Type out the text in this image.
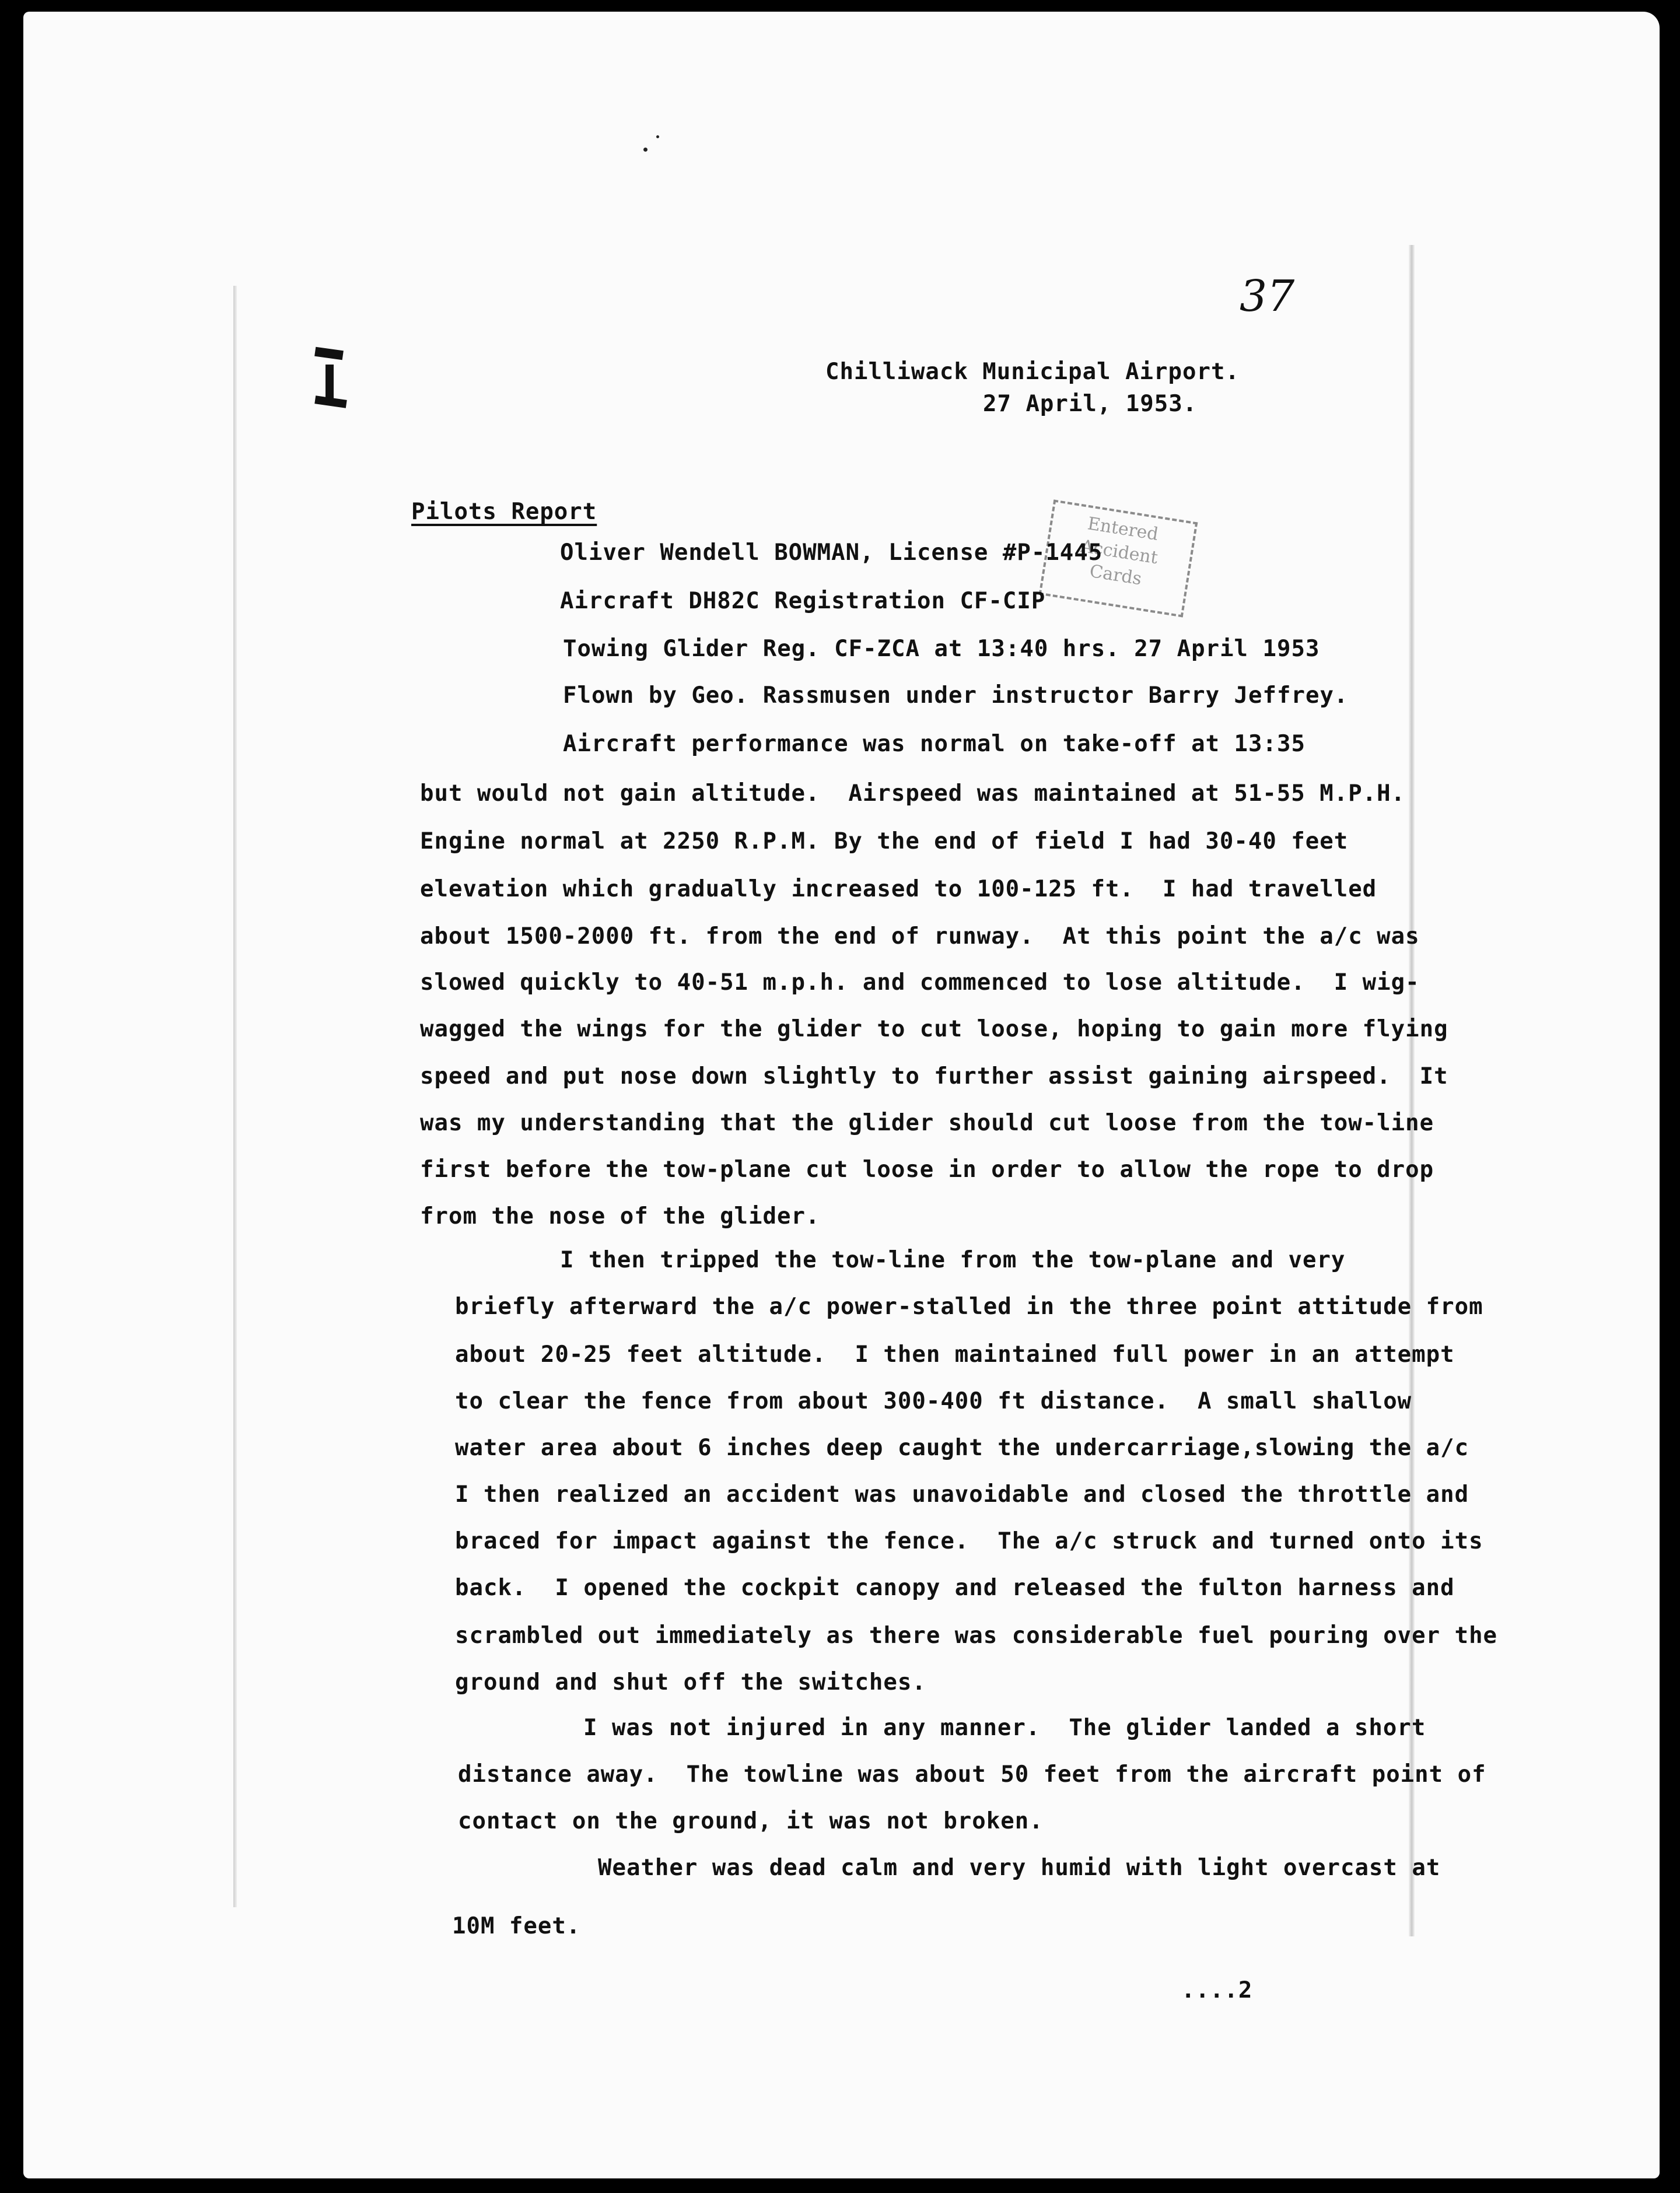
37
Chilliwack Municipal Airport.
27 April, 1953.
Pilots Report
Entered
Accident
Cards
Oliver Wendell BOWMAN, License #P-1445
Aircraft DH82C Registration CF-CIP
Towing Glider Reg. CF-ZCA at 13:40 hrs. 27 April 1953
Flown by Geo. Rassmusen under instructor Barry Jeffrey.
Aircraft performance was normal on take-off at 13:35
but would not gain altitude.  Airspeed was maintained at 51-55 M.P.H.
Engine normal at 2250 R.P.M. By the end of field I had 30-40 feet
elevation which gradually increased to 100-125 ft.  I had travelled
about 1500-2000 ft. from the end of runway.  At this point the a/c was
slowed quickly to 40-51 m.p.h. and commenced to lose altitude.  I wig-
wagged the wings for the glider to cut loose, hoping to gain more flying
speed and put nose down slightly to further assist gaining airspeed.  It
was my understanding that the glider should cut loose from the tow-line
first before the tow-plane cut loose in order to allow the rope to drop
from the nose of the glider.
I then tripped the tow-line from the tow-plane and very
briefly afterward the a/c power-stalled in the three point attitude from
about 20-25 feet altitude.  I then maintained full power in an attempt
to clear the fence from about 300-400 ft distance.  A small shallow
water area about 6 inches deep caught the undercarriage,slowing the a/c
I then realized an accident was unavoidable and closed the throttle and
braced for impact against the fence.  The a/c struck and turned onto its
back.  I opened the cockpit canopy and released the fulton harness and
scrambled out immediately as there was considerable fuel pouring over the
ground and shut off the switches.
I was not injured in any manner.  The glider landed a short
distance away.  The towline was about 50 feet from the aircraft point of
contact on the ground, it was not broken.
Weather was dead calm and very humid with light overcast at
10M feet.
....2
